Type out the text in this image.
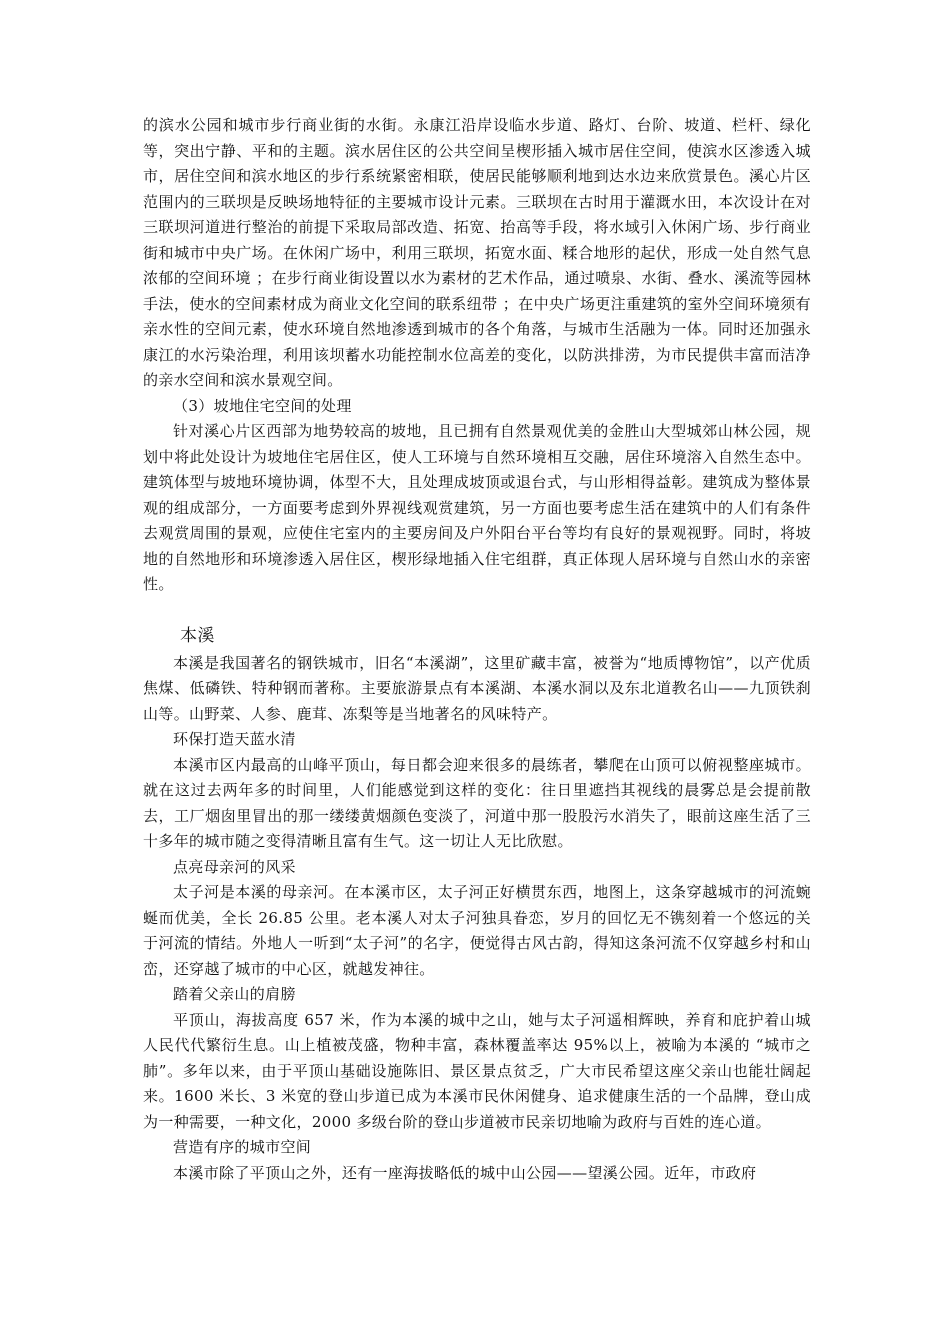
的滨水公园和城市步行商业街的水街。永康江沿岸设临水步道、路灯、台阶、坡道、栏杆、绿化等，突出宁静、平和的主题。滨水居住区的公共空间呈楔形插入城市居住空间，使滨水区渗透入城市，居住空间和滨水地区的步行系统紧密相联，使居民能够顺利地到达水边来欣赏景色。溪心片区范围内的三联坝是反映场地特征的主要城市设计元素。三联坝在古时用于灌溉水田，本次设计在对三联坝河道进行整治的前提下采取局部改造、拓宽、抬高等手段，将水域引入休闲广场、步行商业街和城市中央广场。在休闲广场中，利用三联坝，拓宽水面、糅合地形的起伏，形成一处自然气息浓郁的空间环境 ；在步行商业街设置以水为素材的艺术作品，通过喷泉、水街、叠水、溪流等园林手法，使水的空间素材成为商业文化空间的联系纽带 ；在中央广场更注重建筑的室外空间环境须有亲水性的空间元素，使水环境自然地渗透到城市的各个角落，与城市生活融为一体。同时还加强永康江的水污染治理，利用该坝蓄水功能控制水位高差的变化，以防洪排涝，为市民提供丰富而洁净的亲水空间和滨水景观空间。

（3）坡地住宅空间的处理

针对溪心片区西部为地势较高的坡地，且已拥有自然景观优美的金胜山大型城郊山林公园，规划中将此处设计为坡地住宅居住区，使人工环境与自然环境相互交融，居住环境溶入自然生态中。建筑体型与坡地环境协调，体型不大，且处理成坡顶或退台式，与山形相得益彰。建筑成为整体景观的组成部分，一方面要考虑到外界视线观赏建筑，另一方面也要考虑生活在建筑中的人们有条件去观赏周围的景观，应使住宅室内的主要房间及户外阳台平台等均有良好的景观视野。同时，将坡地的自然地形和环境渗透入居住区，楔形绿地插入住宅组群，真正体现人居环境与自然山水的亲密性。

本溪

本溪是我国著名的钢铁城市，旧名“本溪湖”，这里矿藏丰富，被誉为“地质博物馆”，以产优质焦煤、低磷铁、特种钢而著称。主要旅游景点有本溪湖、本溪水洞以及东北道教名山——九顶铁刹山等。山野菜、人参、鹿茸、冻梨等是当地著名的风味特产。

环保打造天蓝水清

本溪市区内最高的山峰平顶山，每日都会迎来很多的晨练者，攀爬在山顶可以俯视整座城市。就在这过去两年多的时间里，人们能感觉到这样的变化：往日里遮挡其视线的晨雾总是会提前散去，工厂烟囱里冒出的那一缕缕黄烟颜色变淡了，河道中那一股股污水消失了，眼前这座生活了三十多年的城市随之变得清晰且富有生气。这一切让人无比欣慰。

点亮母亲河的风采

太子河是本溪的母亲河。在本溪市区，太子河正好横贯东西，地图上，这条穿越城市的河流蜿蜒而优美，全长 26.85 公里。老本溪人对太子河独具眷恋，岁月的回忆无不镌刻着一个悠远的关于河流的情结。外地人一听到“太子河”的名字，便觉得古风古韵，得知这条河流不仅穿越乡村和山峦，还穿越了城市的中心区，就越发神往。

踏着父亲山的肩膀

平顶山，海拔高度 657 米，作为本溪的城中之山，她与太子河遥相辉映，养育和庇护着山城人民代代繁衍生息。山上植被茂盛，物种丰富，森林覆盖率达 95%以上，被喻为本溪的 “城市之肺”。多年以来，由于平顶山基础设施陈旧、景区景点贫乏，广大市民希望这座父亲山也能壮阔起来。1600 米长、3 米宽的登山步道已成为本溪市民休闲健身、追求健康生活的一个品牌，登山成为一种需要，一种文化，2000 多级台阶的登山步道被市民亲切地喻为政府与百姓的连心道。

营造有序的城市空间

本溪市除了平顶山之外，还有一座海拔略低的城中山公园——望溪公园。近年，市政府
